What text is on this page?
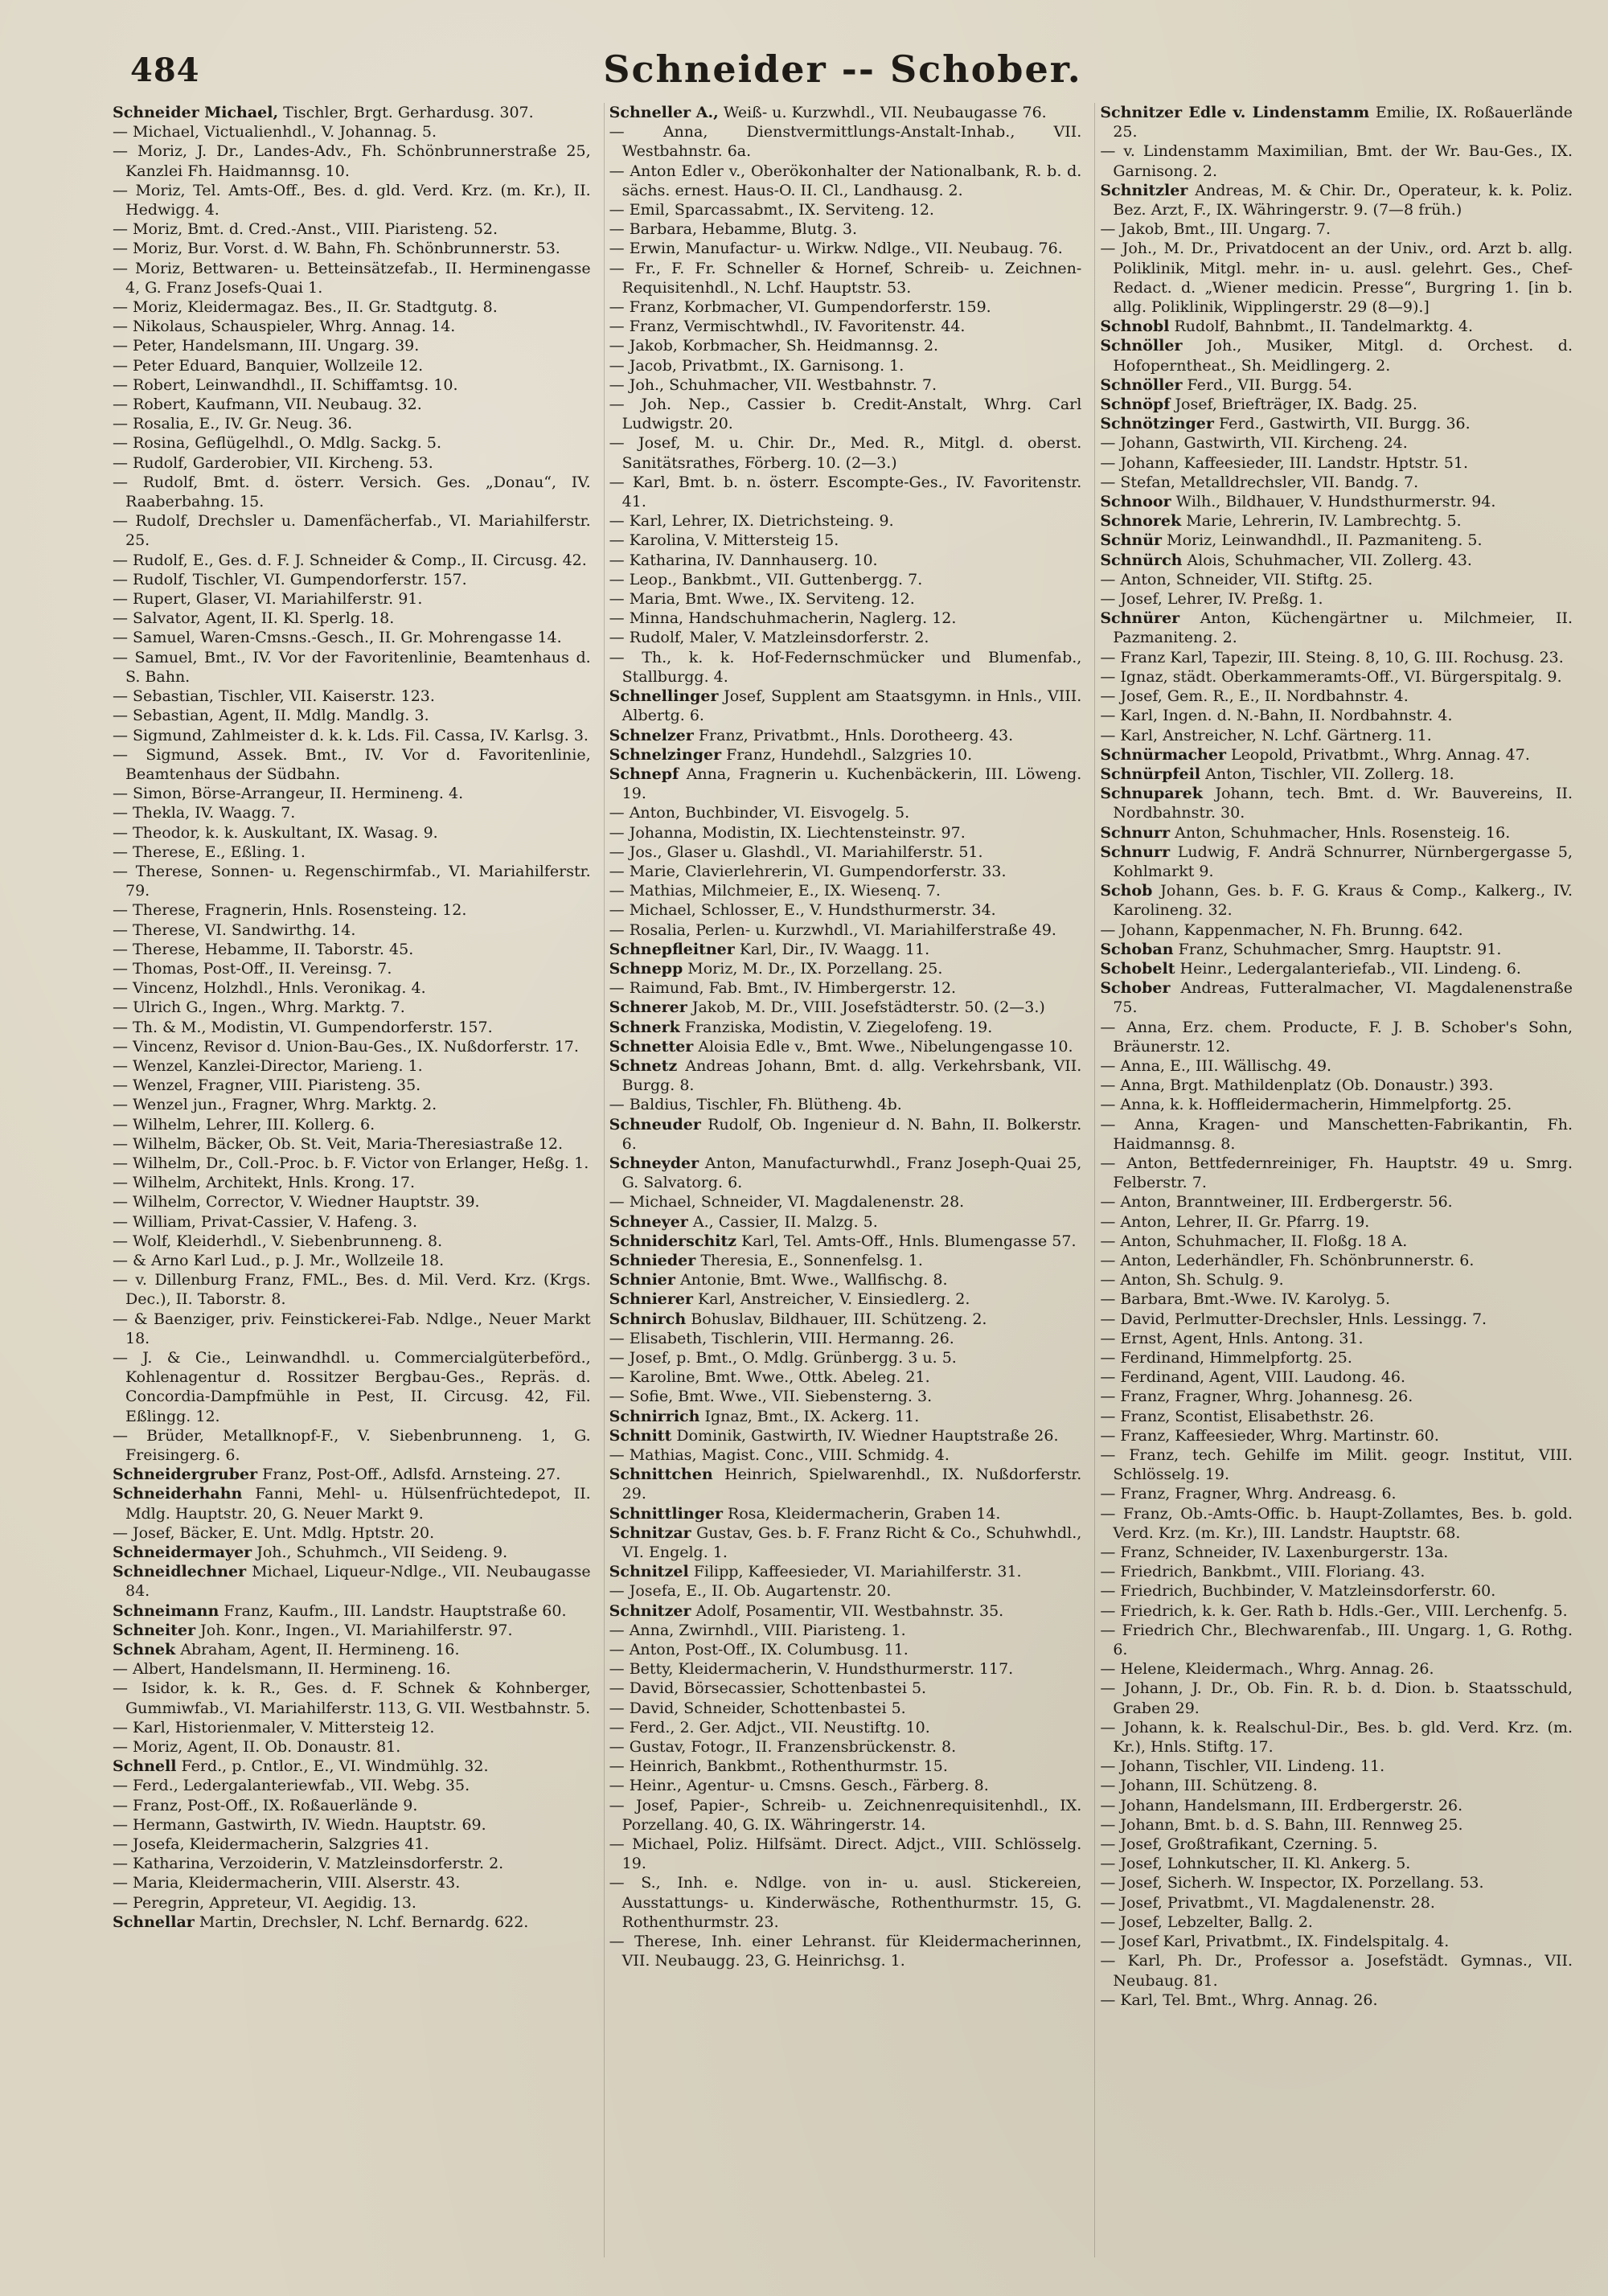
484	Schneider -- Schober.

Schneider Michael, Tischler, Brgt. Gerhardusg. 307.

— Michael, Victualienhdl., V. Johannag. 5.

— Moriz, J. Dr., Landes-Adv., Fh. Schönbrunnerstraße 25, Kanzlei Fh. Haidmannsg. 10.

— Moriz, Tel. Amts-Off., Bes. d. gld. Verd. Krz. (m. Kr.), II. Hedwigg. 4.

— Moriz, Bmt. d. Cred.-Anst., VIII. Piaristeng. 52.

— Moriz, Bur. Vorst. d. W. Bahn, Fh. Schönbrunnerstr. 53.

— Moriz, Bettwaren- u. Betteinsätzefab., II. Herminengasse 4, G. Franz Josefs-Quai 1.

— Moriz, Kleidermagaz. Bes., II. Gr. Stadtgutg. 8.

— Nikolaus, Schauspieler, Whrg. Annag. 14.

— Peter, Handelsmann, III. Ungarg. 39.

— Peter Eduard, Banquier, Wollzeile 12.

— Robert, Leinwandhdl., II. Schiffamtsg. 10.

— Robert, Kaufmann, VII. Neubaug. 32.

— Rosalia, E., IV. Gr. Neug. 36.

— Rosina, Geflügelhdl., O. Mdlg. Sackg. 5.

— Rudolf, Garderobier, VII. Kircheng. 53.

— Rudolf, Bmt. d. österr. Versich. Ges. „Donau“, IV. Raaberbahng. 15.

— Rudolf, Drechsler u. Damenfächerfab., VI. Mariahilferstr. 25.

— Rudolf, E., Ges. d. F. J. Schneider & Comp., II. Circusg. 42.

— Rudolf, Tischler, VI. Gumpendorferstr. 157.

— Rupert, Glaser, VI. Mariahilferstr. 91.

— Salvator, Agent, II. Kl. Sperlg. 18.

— Samuel, Waren-Cmsns.-Gesch., II. Gr. Mohrengasse 14.

— Samuel, Bmt., IV. Vor der Favoritenlinie, Beamtenhaus d. S. Bahn.

— Sebastian, Tischler, VII. Kaiserstr. 123.

— Sebastian, Agent, II. Mdlg. Mandlg. 3.

— Sigmund, Zahlmeister d. k. k. Lds. Fil. Cassa, IV. Karlsg. 3.

— Sigmund, Assek. Bmt., IV. Vor d. Favoritenlinie, Beamtenhaus der Südbahn.

— Simon, Börse-Arrangeur, II. Hermineng. 4.

— Thekla, IV. Waagg. 7.

— Theodor, k. k. Auskultant, IX. Wasag. 9.

— Therese, E., Eßling. 1.

— Therese, Sonnen- u. Regenschirmfab., VI. Mariahilferstr. 79.

— Therese, Fragnerin, Hnls. Rosensteing. 12.

— Therese, VI. Sandwirthg. 14.

— Therese, Hebamme, II. Taborstr. 45.

— Thomas, Post-Off., II. Vereinsg. 7.

— Vincenz, Holzhdl., Hnls. Veronikag. 4.

— Ulrich G., Ingen., Whrg. Marktg. 7.

— Th. & M., Modistin, VI. Gumpendorferstr. 157.

— Vincenz, Revisor d. Union-Bau-Ges., IX. Nußdorferstr. 17.

— Wenzel, Kanzlei-Director, Marieng. 1.

— Wenzel, Fragner, VIII. Piaristeng. 35.

— Wenzel jun., Fragner, Whrg. Marktg. 2.

— Wilhelm, Lehrer, III. Kollerg. 6.

— Wilhelm, Bäcker, Ob. St. Veit, Maria-Theresiastraße 12.

— Wilhelm, Dr., Coll.-Proc. b. F. Victor von Erlanger, Heßg. 1.

— Wilhelm, Architekt, Hnls. Krong. 17.

— Wilhelm, Corrector, V. Wiedner Hauptstr. 39.

— William, Privat-Cassier, V. Hafeng. 3.

— Wolf, Kleiderhdl., V. Siebenbrunneng. 8.

— & Arno Karl Lud., p. J. Mr., Wollzeile 18.

— v. Dillenburg Franz, FML., Bes. d. Mil. Verd. Krz. (Krgs. Dec.), II. Taborstr. 8.

— & Baenziger, priv. Feinstickerei-Fab. Ndlge., Neuer Markt 18.

— J. & Cie., Leinwandhdl. u. Commercialgüterbeförd., Kohlenagentur d. Rossitzer Bergbau-Ges., Repräs. d. Concordia-Dampfmühle in Pest, II. Circusg. 42, Fil. Eßlingg. 12.

— Brüder, Metallknopf-F., V. Siebenbrunneng. 1, G. Freisingerg. 6.

Schneidergruber Franz, Post-Off., Adlsfd. Arnsteing. 27.

Schneiderhahn Fanni, Mehl- u. Hülsenfrüchtedepot, II. Mdlg. Hauptstr. 20, G. Neuer Markt 9.

— Josef, Bäcker, E. Unt. Mdlg. Hptstr. 20.

Schneidermayer Joh., Schuhmch., VII Seideng. 9.

Schneidlechner Michael, Liqueur-Ndlge., VII. Neubaugasse 84.

Schneimann Franz, Kaufm., III. Landstr. Hauptstraße 60.

Schneiter Joh. Konr., Ingen., VI. Mariahilferstr. 97.

Schnek Abraham, Agent, II. Hermineng. 16.

— Albert, Handelsmann, II. Hermineng. 16.

— Isidor, k. k. R., Ges. d. F. Schnek & Kohnberger, Gummiwfab., VI. Mariahilferstr. 113, G. VII. Westbahnstr. 5.

— Karl, Historienmaler, V. Mittersteig 12.

— Moriz, Agent, II. Ob. Donaustr. 81.

Schnell Ferd., p. Cntlor., E., VI. Windmühlg. 32.

— Ferd., Ledergalanteriewfab., VII. Webg. 35.

— Franz, Post-Off., IX. Roßauerlände 9.

— Hermann, Gastwirth, IV. Wiedn. Hauptstr. 69.

— Josefa, Kleidermacherin, Salzgries 41.

— Katharina, Verzoiderin, V. Matzleinsdorferstr. 2.

— Maria, Kleidermacherin, VIII. Alserstr. 43.

— Peregrin, Appreteur, VI. Aegidig. 13.

Schnellar Martin, Drechsler, N. Lchf. Bernardg. 622.

Schneller A., Weiß- u. Kurzwhdl., VII. Neubaugasse 76.

— Anna, Dienstvermittlungs-Anstalt-Inhab., VII. Westbahnstr. 6a.

— Anton Edler v., Oberökonhalter der Nationalbank, R. b. d. sächs. ernest. Haus-O. II. Cl., Landhausg. 2.

— Emil, Sparcassabmt., IX. Serviteng. 12.

— Barbara, Hebamme, Blutg. 3.

— Erwin, Manufactur- u. Wirkw. Ndlge., VII. Neubaug. 76.

— Fr., F. Fr. Schneller & Hornef, Schreib- u. Zeichnen-Requisitenhdl., N. Lchf. Hauptstr. 53.

— Franz, Korbmacher, VI. Gumpendorferstr. 159.

— Franz, Vermischtwhdl., IV. Favoritenstr. 44.

— Jakob, Korbmacher, Sh. Heidmannsg. 2.

— Jacob, Privatbmt., IX. Garnisong. 1.

— Joh., Schuhmacher, VII. Westbahnstr. 7.

— Joh. Nep., Cassier b. Credit-Anstalt, Whrg. Carl Ludwigstr. 20.

— Josef, M. u. Chir. Dr., Med. R., Mitgl. d. oberst. Sanitätsrathes, Förberg. 10. (2—3.)

— Karl, Bmt. b. n. österr. Escompte-Ges., IV. Favoritenstr. 41.

— Karl, Lehrer, IX. Dietrichsteing. 9.

— Karolina, V. Mittersteig 15.

— Katharina, IV. Dannhauserg. 10.

— Leop., Bankbmt., VII. Guttenbergg. 7.

— Maria, Bmt. Wwe., IX. Serviteng. 12.

— Minna, Handschuhmacherin, Naglerg. 12.

— Rudolf, Maler, V. Matzleinsdorferstr. 2.

— Th., k. k. Hof-Federnschmücker und Blumenfab., Stallburgg. 4.

Schnellinger Josef, Supplent am Staatsgymn. in Hnls., VIII. Albertg. 6.

Schnelzer Franz, Privatbmt., Hnls. Dorotheerg. 43.

Schnelzinger Franz, Hundehdl., Salzgries 10.

Schnepf Anna, Fragnerin u. Kuchenbäckerin, III. Löweng. 19.

— Anton, Buchbinder, VI. Eisvogelg. 5.

— Johanna, Modistin, IX. Liechtensteinstr. 97.

— Jos., Glaser u. Glashdl., VI. Mariahilferstr. 51.

— Marie, Clavierlehrerin, VI. Gumpendorferstr. 33.

— Mathias, Milchmeier, E., IX. Wiesenq. 7.

— Michael, Schlosser, E., V. Hundsthurmerstr. 34.

— Rosalia, Perlen- u. Kurzwhdl., VI. Mariahilferstraße 49.

Schnepfleitner Karl, Dir., IV. Waagg. 11.

Schnepp Moriz, M. Dr., IX. Porzellang. 25.

— Raimund, Fab. Bmt., IV. Himbergerstr. 12.

Schnerer Jakob, M. Dr., VIII. Josefstädterstr. 50. (2—3.)

Schnerk Franziska, Modistin, V. Ziegelofeng. 19.

Schnetter Aloisia Edle v., Bmt. Wwe., Nibelungengasse 10.

Schnetz Andreas Johann, Bmt. d. allg. Verkehrsbank, VII. Burgg. 8.

— Baldius, Tischler, Fh. Blütheng. 4b.

Schneuder Rudolf, Ob. Ingenieur d. N. Bahn, II. Bolkerstr. 6.

Schneyder Anton, Manufacturwhdl., Franz Joseph-Quai 25, G. Salvatorg. 6.

— Michael, Schneider, VI. Magdalenenstr. 28.

Schneyer A., Cassier, II. Malzg. 5.

Schniderschitz Karl, Tel. Amts-Off., Hnls. Blumengasse 57.

Schnieder Theresia, E., Sonnenfelsg. 1.

Schnier Antonie, Bmt. Wwe., Wallfischg. 8.

Schnierer Karl, Anstreicher, V. Einsiedlerg. 2.

Schnirch Bohuslav, Bildhauer, III. Schützeng. 2.

— Elisabeth, Tischlerin, VIII. Hermanng. 26.

— Josef, p. Bmt., O. Mdlg. Grünbergg. 3 u. 5.

— Karoline, Bmt. Wwe., Ottk. Abeleg. 21.

— Sofie, Bmt. Wwe., VII. Siebensterng. 3.

Schnirrich Ignaz, Bmt., IX. Ackerg. 11.

Schnitt Dominik, Gastwirth, IV. Wiedner Hauptstraße 26.

— Mathias, Magist. Conc., VIII. Schmidg. 4.

Schnittchen Heinrich, Spielwarenhdl., IX. Nußdorferstr. 29.

Schnittlinger Rosa, Kleidermacherin, Graben 14.

Schnitzar Gustav, Ges. b. F. Franz Richt & Co., Schuhwhdl., VI. Engelg. 1.

Schnitzel Filipp, Kaffeesieder, VI. Mariahilferstr. 31.

— Josefa, E., II. Ob. Augartenstr. 20.

Schnitzer Adolf, Posamentir, VII. Westbahnstr. 35.

— Anna, Zwirnhdl., VIII. Piaristeng. 1.

— Anton, Post-Off., IX. Columbusg. 11.

— Betty, Kleidermacherin, V. Hundsthurmerstr. 117.

— David, Börsecassier, Schottenbastei 5.

— David, Schneider, Schottenbastei 5.

— Ferd., 2. Ger. Adjct., VII. Neustiftg. 10.

— Gustav, Fotogr., II. Franzensbrückenstr. 8.

— Heinrich, Bankbmt., Rothenthurmstr. 15.

— Heinr., Agentur- u. Cmsns. Gesch., Färberg. 8.

— Josef, Papier-, Schreib- u. Zeichnenrequisitenhdl., IX. Porzellang. 40, G. IX. Währingerstr. 14.

— Michael, Poliz. Hilfsämt. Direct. Adjct., VIII. Schlösselg. 19.

— S., Inh. e. Ndlge. von in- u. ausl. Stickereien, Ausstattungs- u. Kinderwäsche, Rothenthurmstr. 15, G. Rothenthurmstr. 23.

— Therese, Inh. einer Lehranst. für Kleidermacherinnen, VII. Neubaugg. 23, G. Heinrichsg. 1.

Schnitzer Edle v. Lindenstamm Emilie, IX. Roßauerlände 25.

— v. Lindenstamm Maximilian, Bmt. der Wr. Bau-Ges., IX. Garnisong. 2.

Schnitzler Andreas, M. & Chir. Dr., Operateur, k. k. Poliz. Bez. Arzt, F., IX. Währingerstr. 9. (7—8 früh.)

— Jakob, Bmt., III. Ungarg. 7.

— Joh., M. Dr., Privatdocent an der Univ., ord. Arzt b. allg. Poliklinik, Mitgl. mehr. in- u. ausl. gelehrt. Ges., Chef-Redact. d. „Wiener medicin. Presse“, Burgring 1. [in b. allg. Poliklinik, Wipplingerstr. 29 (8—9).]

Schnobl Rudolf, Bahnbmt., II. Tandelmarktg. 4.

Schnöller Joh., Musiker, Mitgl. d. Orchest. d. Hofoperntheat., Sh. Meidlingerg. 2.

Schnöller Ferd., VII. Burgg. 54.

Schnöpf Josef, Briefträger, IX. Badg. 25.

Schnötzinger Ferd., Gastwirth, VII. Burgg. 36.

— Johann, Gastwirth, VII. Kircheng. 24.

— Johann, Kaffeesieder, III. Landstr. Hptstr. 51.

— Stefan, Metalldrechsler, VII. Bandg. 7.

Schnoor Wilh., Bildhauer, V. Hundsthurmerstr. 94.

Schnorek Marie, Lehrerin, IV. Lambrechtg. 5.

Schnür Moriz, Leinwandhdl., II. Pazmaniteng. 5.

Schnürch Alois, Schuhmacher, VII. Zollerg. 43.

— Anton, Schneider, VII. Stiftg. 25.

— Josef, Lehrer, IV. Preßg. 1.

Schnürer Anton, Küchengärtner u. Milchmeier, II. Pazmaniteng. 2.

— Franz Karl, Tapezir, III. Steing. 8, 10, G. III. Rochusg. 23.

— Ignaz, städt. Oberkammeramts-Off., VI. Bürgerspitalg. 9.

— Josef, Gem. R., E., II. Nordbahnstr. 4.

— Karl, Ingen. d. N.-Bahn, II. Nordbahnstr. 4.

— Karl, Anstreicher, N. Lchf. Gärtnerg. 11.

Schnürmacher Leopold, Privatbmt., Whrg. Annag. 47.

Schnürpfeil Anton, Tischler, VII. Zollerg. 18.

Schnuparek Johann, tech. Bmt. d. Wr. Bauvereins, II. Nordbahnstr. 30.

Schnurr Anton, Schuhmacher, Hnls. Rosensteig. 16.

Schnurr Ludwig, F. Andrä Schnurrer, Nürnbergergasse 5, Kohlmarkt 9.

Schob Johann, Ges. b. F. G. Kraus & Comp., Kalkerg., IV. Karolineng. 32.

— Johann, Kappenmacher, N. Fh. Brunng. 642.

Schoban Franz, Schuhmacher, Smrg. Hauptstr. 91.

Schobelt Heinr., Ledergalanteriefab., VII. Lindeng. 6.

Schober Andreas, Futteralmacher, VI. Magdalenenstraße 75.

— Anna, Erz. chem. Producte, F. J. B. Schober's Sohn, Bräunerstr. 12.

— Anna, E., III. Wällischg. 49.

— Anna, Brgt. Mathildenplatz (Ob. Donaustr.) 393.

— Anna, k. k. Hoffleidermacherin, Himmelpfortg. 25.

— Anna, Kragen- und Manschetten-Fabrikantin, Fh. Haidmannsg. 8.

— Anton, Bettfedernreiniger, Fh. Hauptstr. 49 u. Smrg. Felberstr. 7.

— Anton, Branntweiner, III. Erdbergerstr. 56.

— Anton, Lehrer, II. Gr. Pfarrg. 19.

— Anton, Schuhmacher, II. Floßg. 18 A.

— Anton, Lederhändler, Fh. Schönbrunnerstr. 6.

— Anton, Sh. Schulg. 9.

— Barbara, Bmt.-Wwe. IV. Karolyg. 5.

— David, Perlmutter-Drechsler, Hnls. Lessingg. 7.

— Ernst, Agent, Hnls. Antong. 31.

— Ferdinand, Himmelpfortg. 25.

— Ferdinand, Agent, VIII. Laudong. 46.

— Franz, Fragner, Whrg. Johannesg. 26.

— Franz, Scontist, Elisabethstr. 26.

— Franz, Kaffeesieder, Whrg. Martinstr. 60.

— Franz, tech. Gehilfe im Milit. geogr. Institut, VIII. Schlösselg. 19.

— Franz, Fragner, Whrg. Andreasg. 6.

— Franz, Ob.-Amts-Offic. b. Haupt-Zollamtes, Bes. b. gold. Verd. Krz. (m. Kr.), III. Landstr. Hauptstr. 68.

— Franz, Schneider, IV. Laxenburgerstr. 13a.

— Friedrich, Bankbmt., VIII. Floriang. 43.

— Friedrich, Buchbinder, V. Matzleinsdorferstr. 60.

— Friedrich, k. k. Ger. Rath b. Hdls.-Ger., VIII. Lerchenfg. 5.

— Friedrich Chr., Blechwarenfab., III. Ungarg. 1, G. Rothg. 6.

— Helene, Kleidermach., Whrg. Annag. 26.

— Johann, J. Dr., Ob. Fin. R. b. d. Dion. b. Staatsschuld, Graben 29.

— Johann, k. k. Realschul-Dir., Bes. b. gld. Verd. Krz. (m. Kr.), Hnls. Stiftg. 17.

— Johann, Tischler, VII. Lindeng. 11.

— Johann, III. Schützeng. 8.

— Johann, Handelsmann, III. Erdbergerstr. 26.

— Johann, Bmt. b. d. S. Bahn, III. Rennweg 25.

— Josef, Großtrafikant, Czerning. 5.

— Josef, Lohnkutscher, II. Kl. Ankerg. 5.

— Josef, Sicherh. W. Inspector, IX. Porzellang. 53.

— Josef, Privatbmt., VI. Magdalenenstr. 28.

— Josef, Lebzelter, Ballg. 2.

— Josef Karl, Privatbmt., IX. Findelspitalg. 4.

— Karl, Ph. Dr., Professor a. Josefstädt. Gymnas., VII. Neubaug. 81.

— Karl, Tel. Bmt., Whrg. Annag. 26.
